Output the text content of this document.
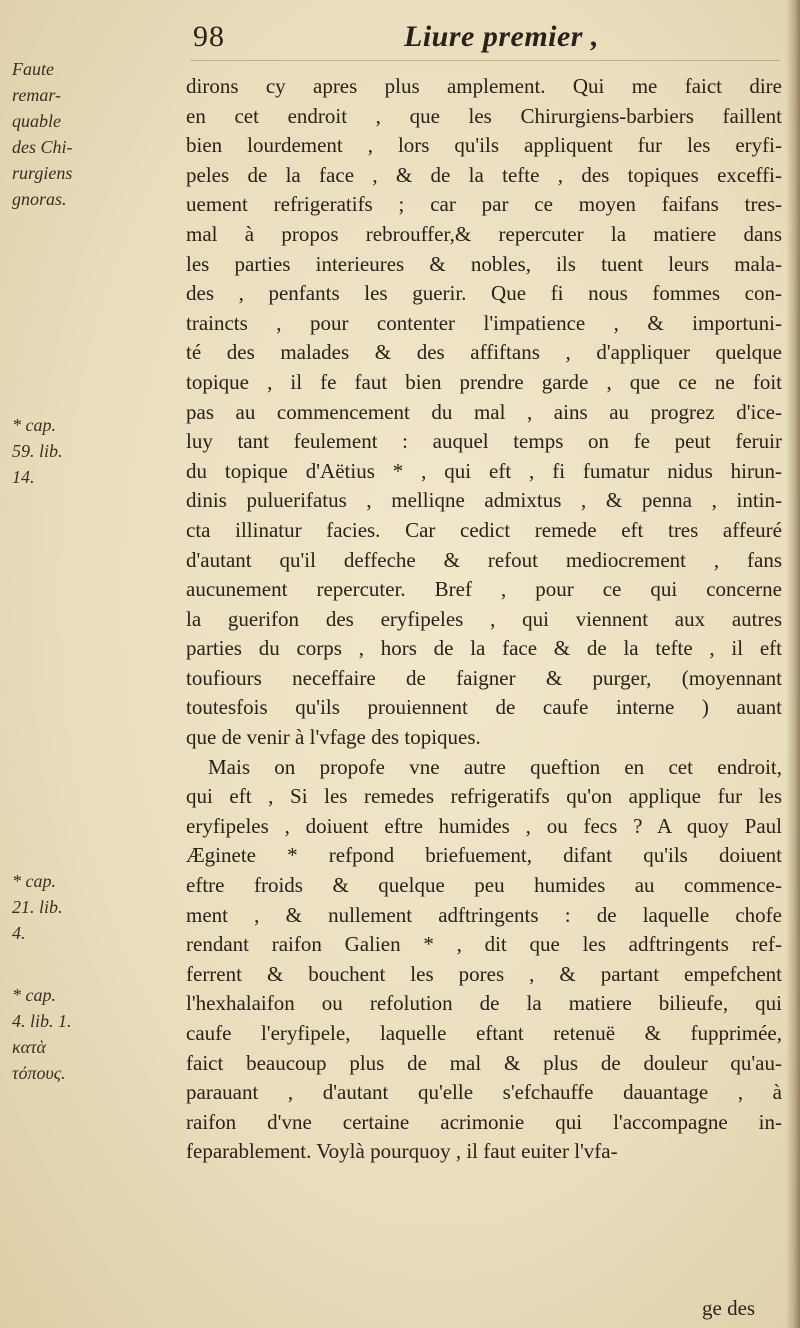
98	Liure premier ,
Faute
remar-
quable
des Chi-
rurgiens
gnoras.
* cap.
59. lib.
14.
* cap.
21. lib.
4.
* cap.
4. lib. 1.
κατὰ
τόπους.
dirons cy apres plus amplement. Qui me faict dire
en cet endroit , que les Chirurgiens-barbiers faillent
bien lourdement , lors qu'ils appliquent fur les eryfi-
peles de la face , & de la tefte , des topiques exceffi-
uement refrigeratifs ; car par ce moyen faifans tres-
mal à propos rebrouffer,& repercuter la matiere dans
les parties interieures & nobles, ils tuent leurs mala-
des , penfants les guerir. Que fi nous fommes con-
traincts , pour contenter l'impatience , & importuni-
té des malades & des affiftans , d'appliquer quelque
topique , il fe faut bien prendre garde , que ce ne foit
pas au commencement du mal , ains au progrez d'ice-
luy tant feulement : auquel temps on fe peut feruir
du topique d'Aëtius * , qui eft , fi fumatur nidus hirun-
dinis puluerifatus , melliqne admixtus , & penna , intin-
cta illinatur facies. Car cedict remede eft tres affeuré
d'autant qu'il deffeche & refout mediocrement , fans
aucunement repercuter. Bref , pour ce qui concerne
la guerifon des eryfipeles , qui viennent aux autres
parties du corps , hors de la face & de la tefte , il eft
toufiours neceffaire de faigner & purger, (moyennant
toutesfois qu'ils prouiennent de caufe interne ) auant
que de venir à l'vfage des topiques.
Mais on propofe vne autre queftion en cet endroit,
qui eft , Si les remedes refrigeratifs qu'on applique fur les
eryfipeles , doiuent eftre humides , ou fecs ? A quoy Paul
Æginete * refpond briefuement, difant qu'ils doiuent
eftre froids & quelque peu humides au commence-
ment , & nullement adftringents : de laquelle chofe
rendant raifon Galien * , dit que les adftringents ref-
ferrent & bouchent les pores , & partant empefchent
l'hexhalaifon ou refolution de la matiere bilieufe, qui
caufe l'eryfipele, laquelle eftant retenuë & fupprimée,
faict beaucoup plus de mal & plus de douleur qu'au-
parauant , d'autant qu'elle s'efchauffe dauantage , à
raifon d'vne certaine acrimonie qui l'accompagne in-
feparablement. Voylà pourquoy , il faut euiter l'vfa-
ge des
